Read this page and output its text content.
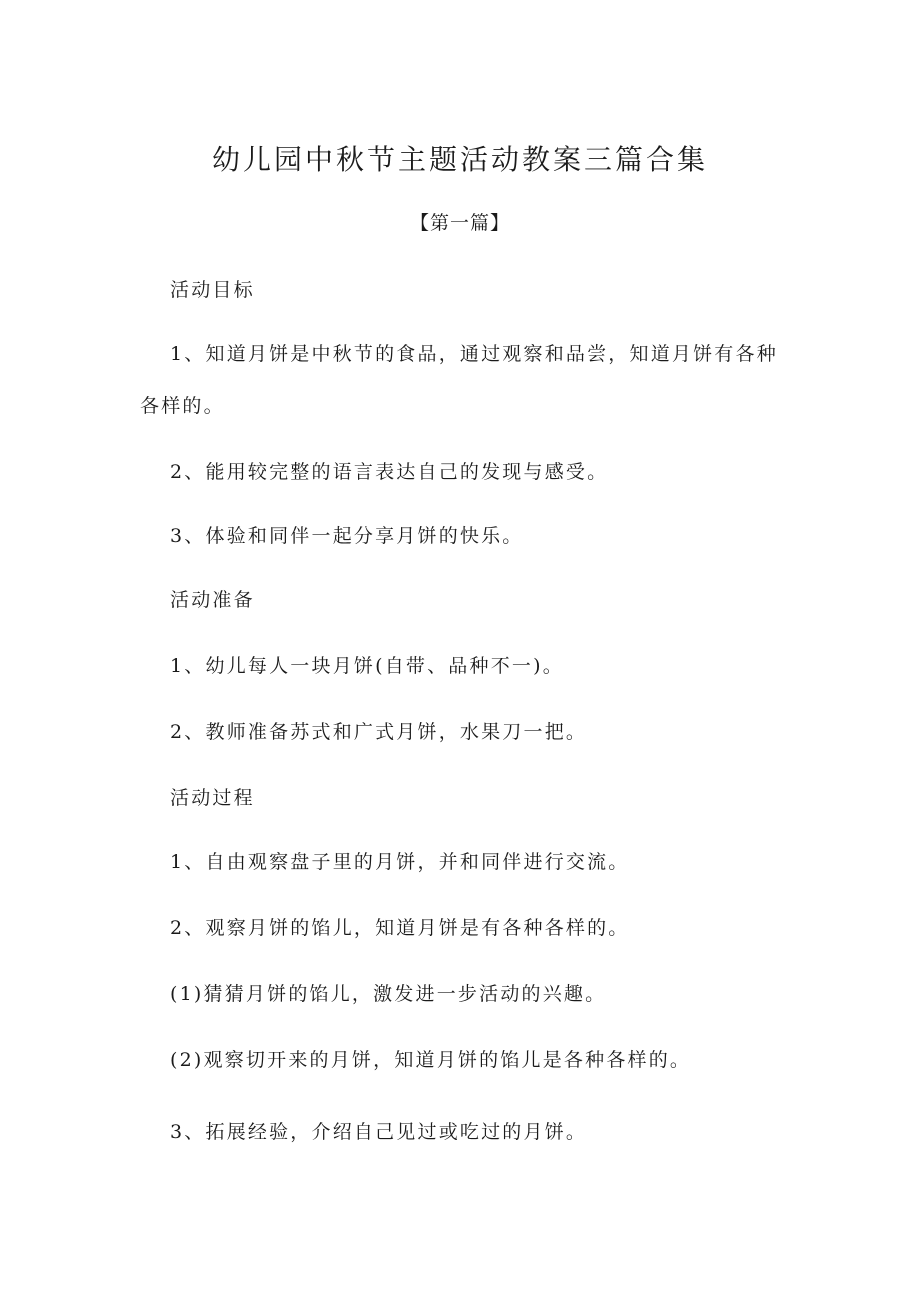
幼儿园中秋节主题活动教案三篇合集
【第一篇】

活动目标

1、知道月饼是中秋节的食品，通过观察和品尝，知道月饼有各种各样的。

2、能用较完整的语言表达自己的发现与感受。

3、体验和同伴一起分享月饼的快乐。

活动准备

1、幼儿每人一块月饼(自带、品种不一)。

2、教师准备苏式和广式月饼，水果刀一把。

活动过程

1、自由观察盘子里的月饼，并和同伴进行交流。

2、观察月饼的馅儿，知道月饼是有各种各样的。

(1)猜猜月饼的馅儿，激发进一步活动的兴趣。

(2)观察切开来的月饼，知道月饼的馅儿是各种各样的。

3、拓展经验，介绍自己见过或吃过的月饼。
